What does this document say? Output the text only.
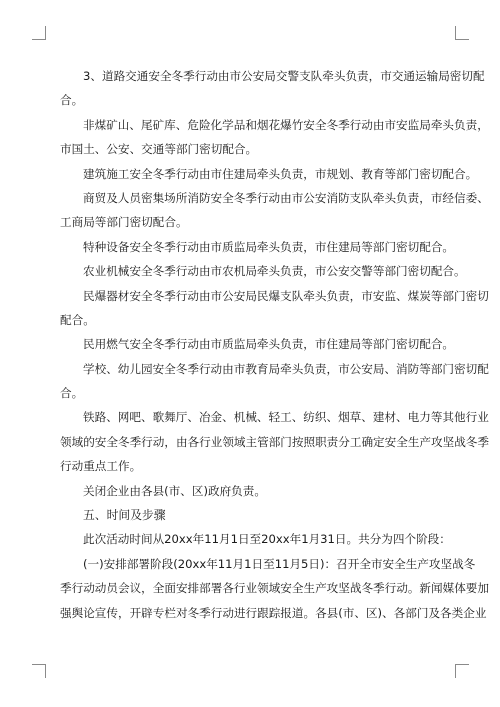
3、道路交通安全冬季行动由市公安局交警支队牵头负责，市交通运输局密切配
合。
非煤矿山、尾矿库、危险化学品和烟花爆竹安全冬季行动由市安监局牵头负责，
市国土、公安、交通等部门密切配合。
建筑施工安全冬季行动由市住建局牵头负责，市规划、教育等部门密切配合。
商贸及人员密集场所消防安全冬季行动由市公安消防支队牵头负责，市经信委、
工商局等部门密切配合。
特种设备安全冬季行动由市质监局牵头负责，市住建局等部门密切配合。
农业机械安全冬季行动由市农机局牵头负责，市公安交警等部门密切配合。
民爆器材安全冬季行动由市公安局民爆支队牵头负责，市安监、煤炭等部门密切
配合。
民用燃气安全冬季行动由市质监局牵头负责，市住建局等部门密切配合。
学校、幼儿园安全冬季行动由市教育局牵头负责，市公安局、消防等部门密切配
合。
铁路、网吧、歌舞厅、冶金、机械、轻工、纺织、烟草、建材、电力等其他行业
领域的安全冬季行动，由各行业领域主管部门按照职责分工确定安全生产攻坚战冬季
行动重点工作。
关闭企业由各县(市、区)政府负责。
五、时间及步骤
此次活动时间从20xx年11月1日至20xx年1月31日。共分为四个阶段：
(一)安排部署阶段(20xx年11月1日至11月5日)：召开全市安全生产攻坚战冬
季行动动员会议，全面安排部署各行业领域安全生产攻坚战冬季行动。新闻媒体要加
强舆论宣传，开辟专栏对冬季行动进行跟踪报道。各县(市、区)、各部门及各类企业
